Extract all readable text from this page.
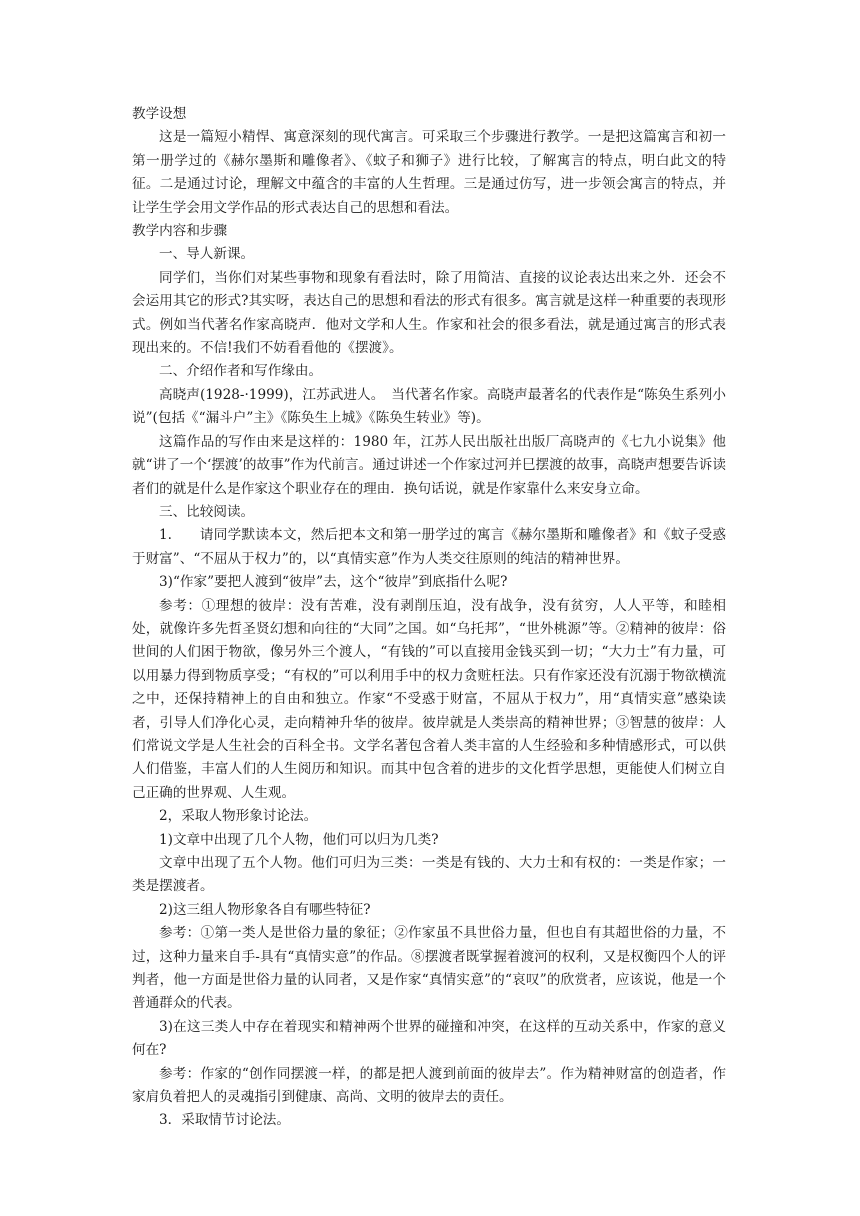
教学设想

这是一篇短小精悍、寓意深刻的现代寓言。可采取三个步骤进行教学。一是把这篇寓言和初一第一册学过的《赫尔墨斯和雕像者》、《蚊子和狮子》进行比较，了解寓言的特点，明白此文的特征。二是通过讨论，理解文中蕴含的丰富的人生哲理。三是通过仿写，进一步领会寓言的特点，并让学生学会用文学作品的形式表达自己的思想和看法。

教学内容和步骤

一、导人新课。

同学们，当你们对某些事物和现象有看法时，除了用简洁、直接的议论表达出来之外．还会不会运用其它的形式?其实呀，表达自己的思想和看法的形式有很多。寓言就是这样一种重要的表现形式。例如当代著名作家高晓声．他对文学和人生。作家和社会的很多看法，就是通过寓言的形式表现出来的。不信!我们不妨看看他的《摆渡》。

二、介绍作者和写作缘由。

高晓声(1928-·1999)，江苏武进人。　当代著名作家。高晓声最著名的代表作是“陈奂生系列小说”(包括《“漏斗户”主》《陈奂生上城》《陈奂生转业》等)。

这篇作品的写作由来是这样的：1980 年，江苏人民出版社出版厂高晓声的《七九小说集》他就“讲了一个‘摆渡’的故事”作为代前言。通过讲述一个作家过河并巳摆渡的故事，高晓声想要告诉读者们的就是什么是作家这个职业存在的理由．换句话说，就是作家靠什么来安身立命。

三、比较阅读。

1.　　请同学默读本文，然后把本文和第一册学过的寓言《赫尔墨斯和雕像者》和《蚊子受惑于财富”、“不屈从于权力”的，以“真情实意”作为人类交往原则的纯洁的精神世界。

3)“作家”要把人渡到“彼岸”去，这个“彼岸”到底指什么呢?

参考：①理想的彼岸：没有苦难，没有剥削压迫，没有战争，没有贫穷，人人平等，和睦相处，就像许多先哲圣贤幻想和向往的“大同”之国。如“乌托邦”，“世外桃源”等。②精神的彼岸：俗世间的人们困于物欲，像另外三个渡人，“有钱的”可以直接用金钱买到一切；“大力士”有力量，可以用暴力得到物质享受；“有权的”可以利用手中的权力贪赃枉法。只有作家还没有沉溺于物欲横流之中，还保持精神上的自由和独立。作家“不受惑于财富，不屈从于权力”，用“真情实意”感染读者，引导人们净化心灵，走向精神升华的彼岸。彼岸就是人类崇高的精神世界；③智慧的彼岸：人们常说文学是人生社会的百科全书。文学名著包含着人类丰富的人生经验和多种情感形式，可以供人们借鉴，丰富人们的人生阅历和知识。而其中包含着的进步的文化哲学思想，更能使人们树立自己正确的世界观、人生观。

2，采取人物形象讨论法。

1)文章中出现了几个人物，他们可以归为几类?

文章中出现了五个人物。他们可归为三类：一类是有钱的、大力士和有权的：一类是作家；一类是摆渡者。

2)这三组人物形象各自有哪些特征?

参考：①第一类人是世俗力量的象征；②作家虽不具世俗力量，但也自有其超世俗的力量，不过，这种力量来自手-具有“真情实意”的作品。⑧摆渡者既掌握着渡河的权利，又是权衡四个人的评判者，他一方面是世俗力量的认同者，又是作家“真情实意”的“哀叹”的欣赏者，应该说，他是一个普通群众的代表。

3)在这三类人中存在着现实和精神两个世界的碰撞和冲突，在这样的互动关系中，作家的意义何在?

参考：作家的“创作同摆渡一样，的都是把人渡到前面的彼岸去”。作为精神财富的创造者，作家肩负着把人的灵魂指引到健康、高尚、文明的彼岸去的责任。

3．采取情节讨论法。
